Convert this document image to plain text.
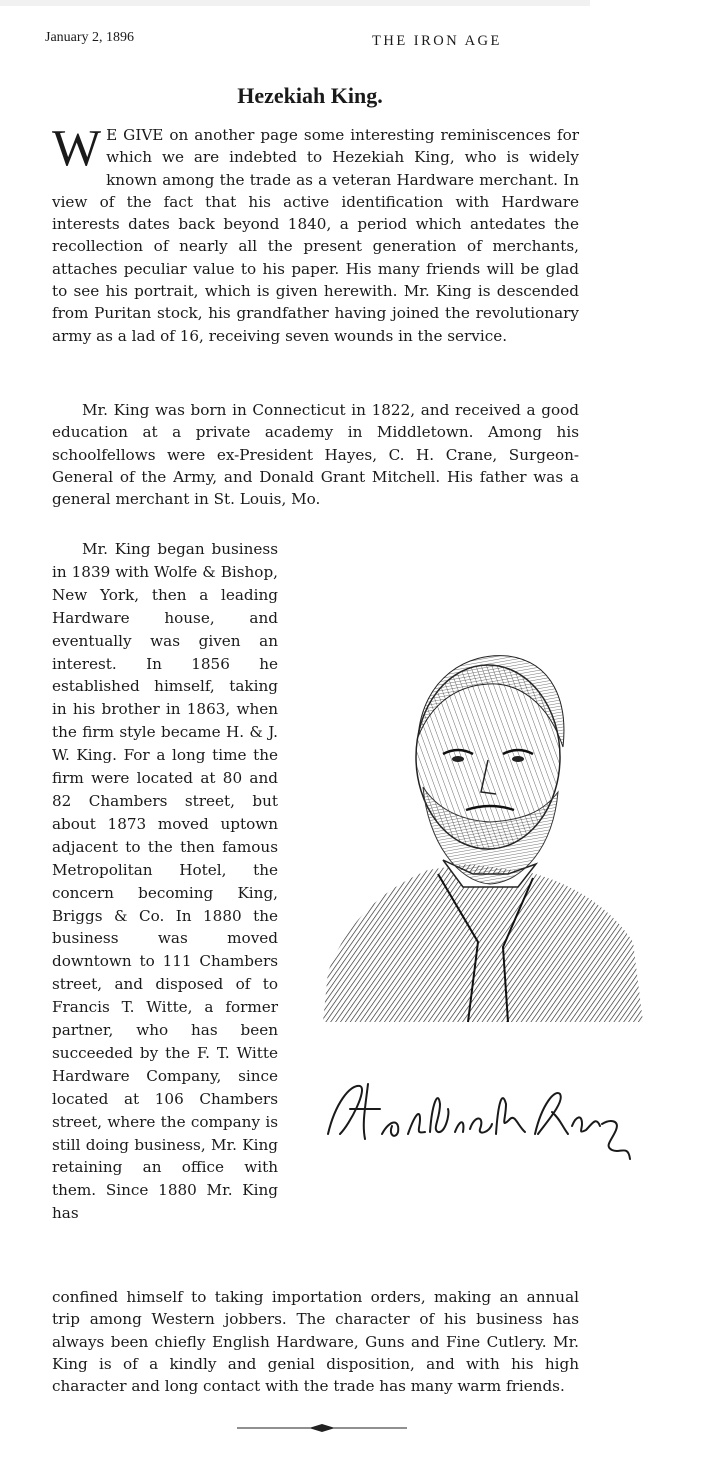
January 2, 1896	THE IRON AGE
Hezekiah King.
W E GIVE on another page some interesting reminiscences for which we are indebted to Hezekiah King, who is widely known among the trade as a veteran Hardware merchant. In view of the fact that his active identification with Hardware interests dates back beyond 1840, a period which antedates the recollection of nearly all the present generation of merchants, attaches peculiar value to his paper. His many friends will be glad to see his portrait, which is given herewith. Mr. King is descended from Puritan stock, his grandfather having joined the revolutionary army as a lad of 16, receiving seven wounds in the service.
Mr. King was born in Connecticut in 1822, and received a good education at a private academy in Middletown. Among his schoolfellows were ex-President Hayes, C. H. Crane, Surgeon-General of the Army, and Donald Grant Mitchell. His father was a general merchant in St. Louis, Mo.

Mr. King began business in 1839 with Wolfe & Bishop, New York, then a leading Hardware house, and eventually was given an interest. In 1856 he established himself, taking in his brother in 1863, when the firm style became H. & J. W. King. For a long time the firm were located at 80 and 82 Chambers street, but about 1873 moved uptown adjacent to the then famous Metropolitan Hotel, the concern becoming King, Briggs & Co. In 1880 the business was moved downtown to 111 Chambers street, and disposed of to Francis T. Witte, a former partner, who has been succeeded by the F. T. Witte Hardware Company, since located at 106 Chambers street, where the company is still doing business, Mr. King retaining an office with them. Since 1880 Mr. King has

confined himself to taking importation orders, making an annual trip among Western jobbers. The character of his business has always been chiefly English Hardware, Guns and Fine Cutlery. Mr. King is of a kindly and genial disposition, and with his high character and long contact with the trade has many warm friends.
